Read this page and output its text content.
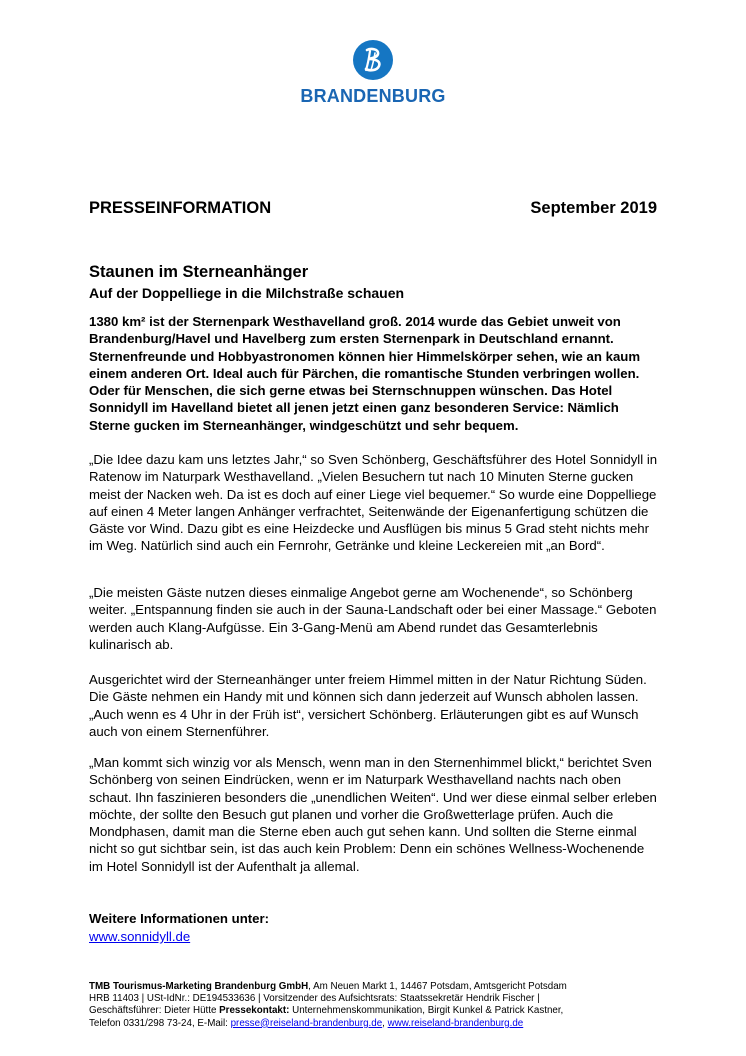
BRANDENBURG
PRESSEINFORMATION	September 2019
Staunen im Sterneanhänger
Auf der Doppelliege in die Milchstraße schauen
1380 km² ist der Sternenpark Westhavelland groß. 2014 wurde das Gebiet unweit von Brandenburg/Havel und Havelberg zum ersten Sternenpark in Deutschland ernannt. Sternenfreunde und Hobbyastronomen können hier Himmelskörper sehen, wie an kaum einem anderen Ort. Ideal auch für Pärchen, die romantische Stunden verbringen wollen. Oder für Menschen, die sich gerne etwas bei Sternschnuppen wünschen. Das Hotel Sonnidyll im Havelland bietet all jenen jetzt einen ganz besonderen Service: Nämlich Sterne gucken im Sterneanhänger, windgeschützt und sehr bequem.
„Die Idee dazu kam uns letztes Jahr,“ so Sven Schönberg, Geschäftsführer des Hotel Sonnidyll in Ratenow im Naturpark Westhavelland. „Vielen Besuchern tut nach 10 Minuten Sterne gucken meist der Nacken weh. Da ist es doch auf einer Liege viel bequemer.“ So wurde eine Doppelliege auf einen 4 Meter langen Anhänger verfrachtet, Seitenwände der Eigenanfertigung schützen die Gäste vor Wind. Dazu gibt es eine Heizdecke und Ausflügen bis minus 5 Grad steht nichts mehr im Weg. Natürlich sind auch ein Fernrohr, Getränke und kleine Leckereien mit „an Bord“.
„Die meisten Gäste nutzen dieses einmalige Angebot gerne am Wochenende“, so Schönberg weiter. „Entspannung finden sie auch in der Sauna-Landschaft oder bei einer Massage.“ Geboten werden auch Klang-Aufgüsse. Ein 3-Gang-Menü am Abend rundet das Gesamterlebnis kulinarisch ab.
Ausgerichtet wird der Sterneanhänger unter freiem Himmel mitten in der Natur Richtung Süden. Die Gäste nehmen ein Handy mit und können sich dann jederzeit auf Wunsch abholen lassen. „Auch wenn es 4 Uhr in der Früh ist“, versichert Schönberg. Erläuterungen gibt es auf Wunsch auch von einem Sternenführer.
„Man kommt sich winzig vor als Mensch, wenn man in den Sternenhimmel blickt,“ berichtet Sven Schönberg von seinen Eindrücken, wenn er im Naturpark Westhavelland nachts nach oben schaut. Ihn faszinieren besonders die „unendlichen Weiten“. Und wer diese einmal selber erleben möchte, der sollte den Besuch gut planen und vorher die Großwetterlage prüfen. Auch die Mondphasen, damit man die Sterne eben auch gut sehen kann. Und sollten die Sterne einmal nicht so gut sichtbar sein, ist das auch kein Problem: Denn ein schönes Wellness-Wochenende im Hotel Sonnidyll ist der Aufenthalt ja allemal.
Weitere Informationen unter:
www.sonnidyll.de
TMB Tourismus-Marketing Brandenburg GmbH, Am Neuen Markt 1, 14467 Potsdam, Amtsgericht Potsdam
HRB 11403 | USt-IdNr.: DE194533636 | Vorsitzender des Aufsichtsrats: Staatssekretär Hendrik Fischer |
Geschäftsführer: Dieter Hütte Pressekontakt: Unternehmenskommunikation, Birgit Kunkel & Patrick Kastner,
Telefon 0331/298 73-24, E-Mail: presse@reiseland-brandenburg.de, www.reiseland-brandenburg.de
